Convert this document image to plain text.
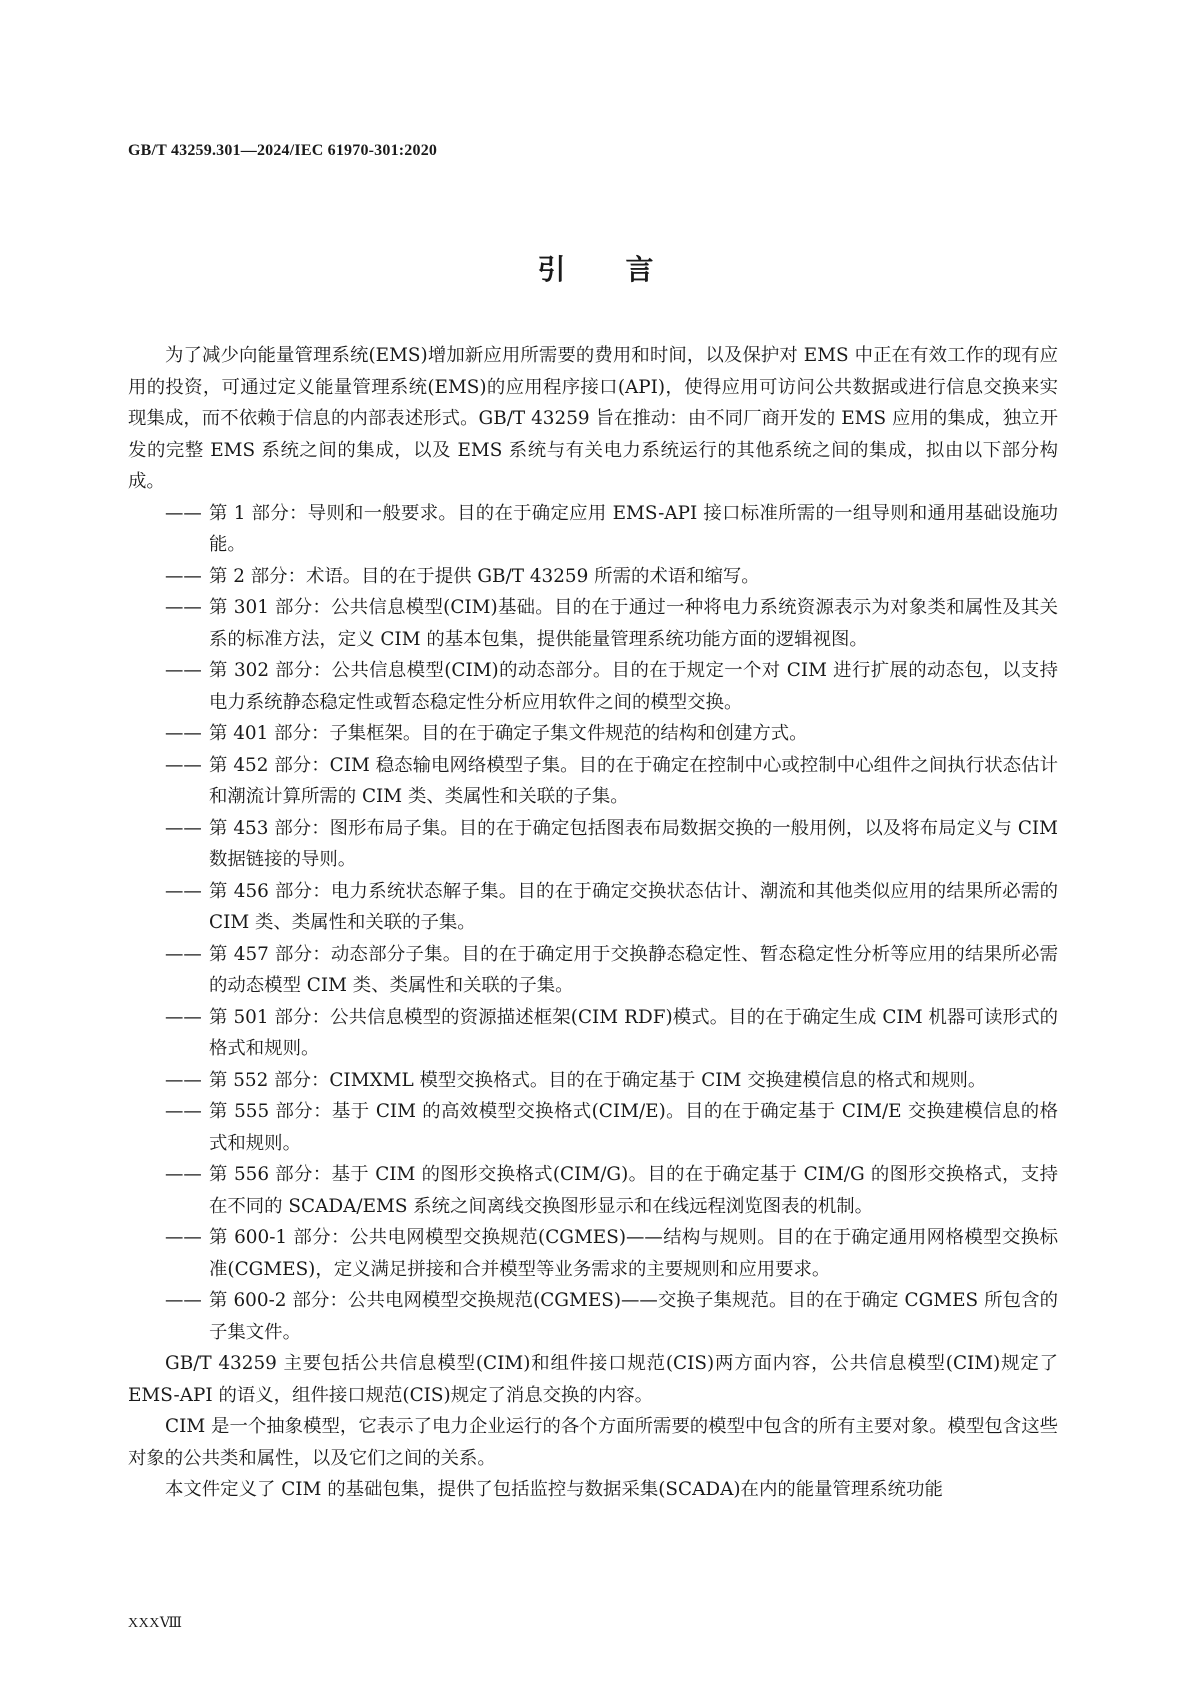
GB/T 43259.301—2024/IEC 61970-301:2020
引言

为了减少向能量管理系统(EMS)增加新应用所需要的费用和时间，以及保护对 EMS 中正在有效工作的现有应用的投资，可通过定义能量管理系统(EMS)的应用程序接口(API)，使得应用可访问公共数据或进行信息交换来实现集成，而不依赖于信息的内部表述形式。GB/T 43259 旨在推动：由不同厂商开发的 EMS 应用的集成，独立开发的完整 EMS 系统之间的集成，以及 EMS 系统与有关电力系统运行的其他系统之间的集成，拟由以下部分构成。

—— 第 1 部分：导则和一般要求。目的在于确定应用 EMS-API 接口标准所需的一组导则和通用基础设施功能。
—— 第 2 部分：术语。目的在于提供 GB/T 43259 所需的术语和缩写。
—— 第 301 部分：公共信息模型(CIM)基础。目的在于通过一种将电力系统资源表示为对象类和属性及其关系的标准方法，定义 CIM 的基本包集，提供能量管理系统功能方面的逻辑视图。
—— 第 302 部分：公共信息模型(CIM)的动态部分。目的在于规定一个对 CIM 进行扩展的动态包，以支持电力系统静态稳定性或暂态稳定性分析应用软件之间的模型交换。
—— 第 401 部分：子集框架。目的在于确定子集文件规范的结构和创建方式。
—— 第 452 部分：CIM 稳态输电网络模型子集。目的在于确定在控制中心或控制中心组件之间执行状态估计和潮流计算所需的 CIM 类、类属性和关联的子集。
—— 第 453 部分：图形布局子集。目的在于确定包括图表布局数据交换的一般用例，以及将布局定义与 CIM 数据链接的导则。
—— 第 456 部分：电力系统状态解子集。目的在于确定交换状态估计、潮流和其他类似应用的结果所必需的 CIM 类、类属性和关联的子集。
—— 第 457 部分：动态部分子集。目的在于确定用于交换静态稳定性、暂态稳定性分析等应用的结果所必需的动态模型 CIM 类、类属性和关联的子集。
—— 第 501 部分：公共信息模型的资源描述框架(CIM RDF)模式。目的在于确定生成 CIM 机器可读形式的格式和规则。
—— 第 552 部分：CIMXML 模型交换格式。目的在于确定基于 CIM 交换建模信息的格式和规则。
—— 第 555 部分：基于 CIM 的高效模型交换格式(CIM/E)。目的在于确定基于 CIM/E 交换建模信息的格式和规则。
—— 第 556 部分：基于 CIM 的图形交换格式(CIM/G)。目的在于确定基于 CIM/G 的图形交换格式，支持在不同的 SCADA/EMS 系统之间离线交换图形显示和在线远程浏览图表的机制。
—— 第 600-1 部分：公共电网模型交换规范(CGMES)——结构与规则。目的在于确定通用网格模型交换标准(CGMES)，定义满足拼接和合并模型等业务需求的主要规则和应用要求。
—— 第 600-2 部分：公共电网模型交换规范(CGMES)——交换子集规范。目的在于确定 CGMES 所包含的子集文件。

GB/T 43259 主要包括公共信息模型(CIM)和组件接口规范(CIS)两方面内容，公共信息模型(CIM)规定了 EMS-API 的语义，组件接口规范(CIS)规定了消息交换的内容。

CIM 是一个抽象模型，它表示了电力企业运行的各个方面所需要的模型中包含的所有主要对象。模型包含这些对象的公共类和属性，以及它们之间的关系。

本文件定义了 CIM 的基础包集，提供了包括监控与数据采集(SCADA)在内的能量管理系统功能

XXXⅧ
